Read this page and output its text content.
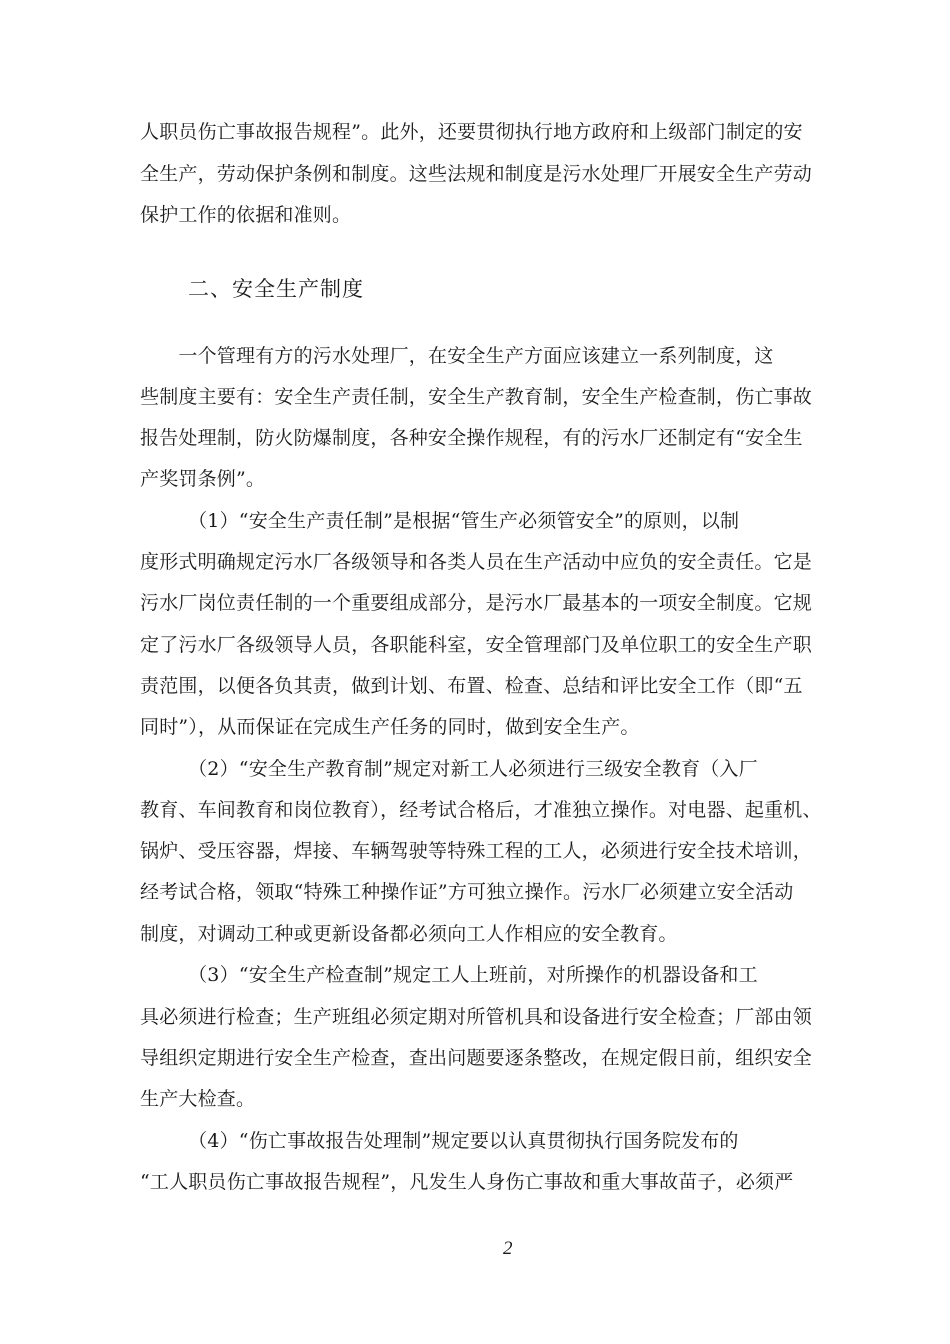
人职员伤亡事故报告规程”。此外，还要贯彻执行地方政府和上级部门制定的安
全生产，劳动保护条例和制度。这些法规和制度是污水处理厂开展安全生产劳动
保护工作的依据和准则。
二、安全生产制度
　　一个管理有方的污水处理厂，在安全生产方面应该建立一系列制度，这
些制度主要有：安全生产责任制，安全生产教育制，安全生产检查制，伤亡事故
报告处理制，防火防爆制度，各种安全操作规程，有的污水厂还制定有“安全生
产奖罚条例”。
　　　（1）“安全生产责任制”是根据“管生产必须管安全”的原则，以制
度形式明确规定污水厂各级领导和各类人员在生产活动中应负的安全责任。它是
污水厂岗位责任制的一个重要组成部分，是污水厂最基本的一项安全制度。它规
定了污水厂各级领导人员，各职能科室，安全管理部门及单位职工的安全生产职
责范围，以便各负其责，做到计划、布置、检查、总结和评比安全工作（即“五
同时”），从而保证在完成生产任务的同时，做到安全生产。
　　　（2）“安全生产教育制”规定对新工人必须进行三级安全教育（入厂
教育、车间教育和岗位教育），经考试合格后，才准独立操作。对电器、起重机、
锅炉、受压容器，焊接、车辆驾驶等特殊工程的工人，必须进行安全技术培训，
经考试合格，领取“特殊工种操作证”方可独立操作。污水厂必须建立安全活动
制度，对调动工种或更新设备都必须向工人作相应的安全教育。
　　　（3）“安全生产检查制”规定工人上班前，对所操作的机器设备和工
具必须进行检查；生产班组必须定期对所管机具和设备进行安全检查；厂部由领
导组织定期进行安全生产检查，查出问题要逐条整改，在规定假日前，组织安全
生产大检查。
　　　（4）“伤亡事故报告处理制”规定要以认真贯彻执行国务院发布的
“工人职员伤亡事故报告规程”，凡发生人身伤亡事故和重大事故苗子，必须严
2
